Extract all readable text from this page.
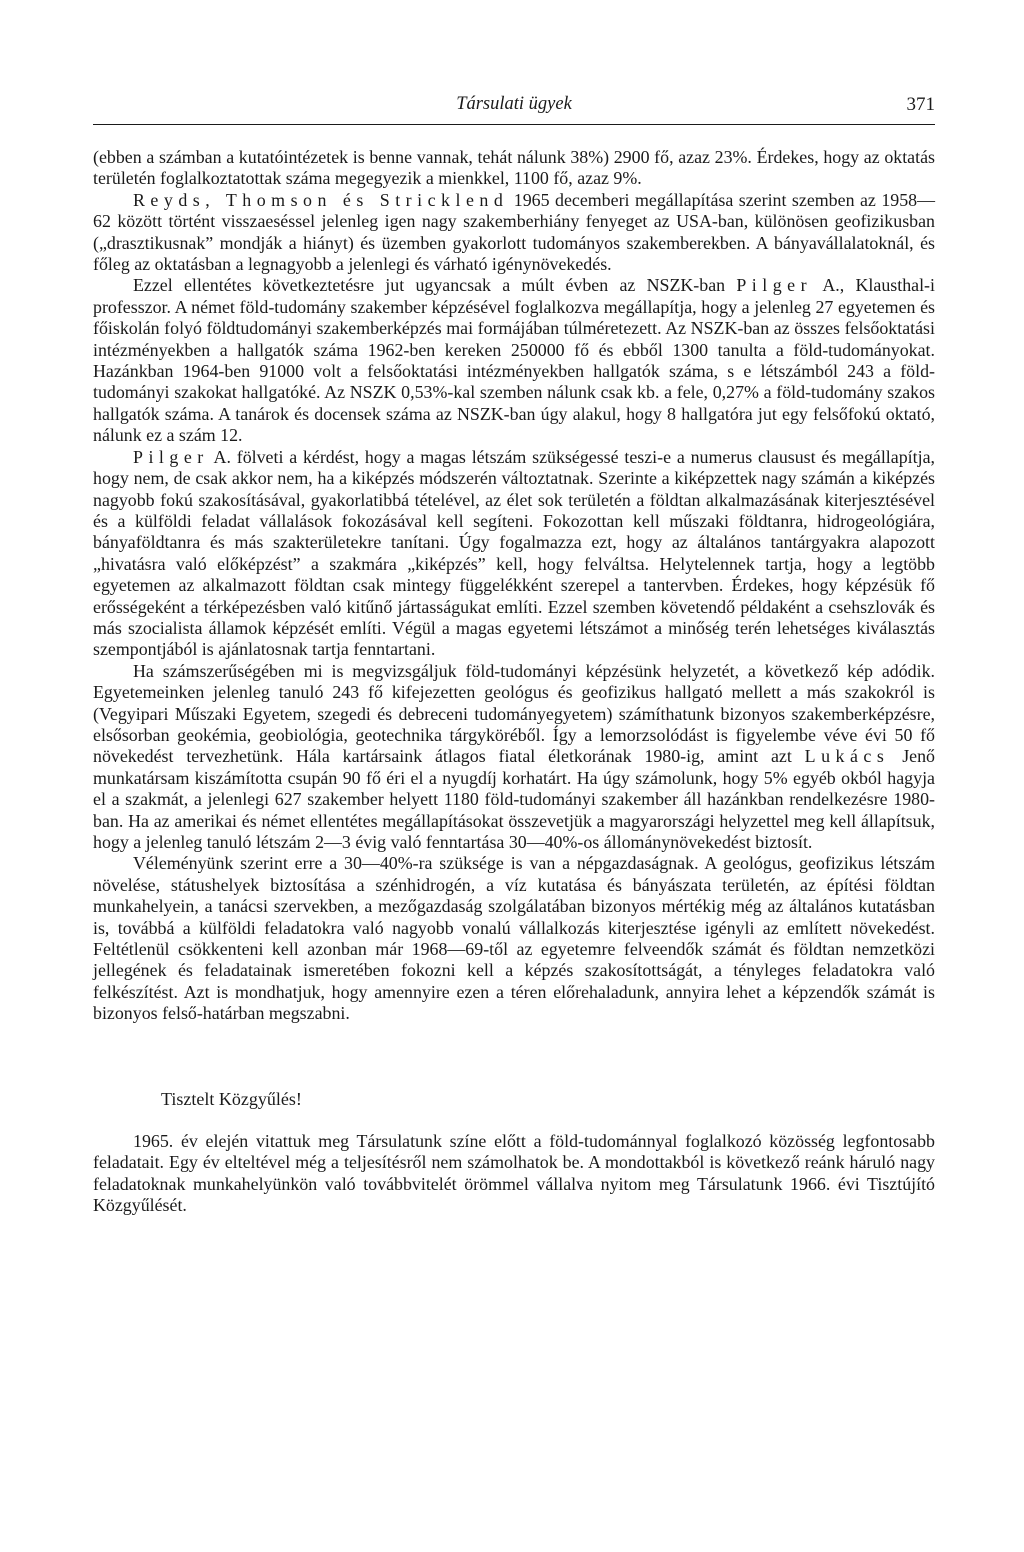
Társulati ügyek	371

(ebben a számban a kutatóintézetek is benne vannak, tehát nálunk 38%) 2900 fő, azaz 23%. Érdekes, hogy az oktatás területén foglalkoztatottak száma megegyezik a mienkkel, 1100 fő, azaz 9%.

Reyds, Thomson és Stricklend 1965 decemberi megállapítása szerint szemben az 1958—62 között történt visszaeséssel jelenleg igen nagy szakemberhiány fenyeget az USA-ban, különösen geofizikusban („drasztikusnak” mondják a hiányt) és üzemben gyakorlott tudományos szakemberekben. A bányavállalatoknál, és főleg az oktatásban a legnagyobb a jelenlegi és várható igénynövekedés.

Ezzel ellentétes következtetésre jut ugyancsak a múlt évben az NSZK-ban Pilger A., Klausthal-i professzor. A német föld-tudomány szakember képzésével foglalkozva megállapítja, hogy a jelenleg 27 egyetemen és főiskolán folyó földtudományi szakemberképzés mai formájában túlméretezett. Az NSZK-ban az összes felsőoktatási intézményekben a hallgatók száma 1962-ben kereken 250000 fő és ebből 1300 tanulta a föld-tudományokat. Hazánkban 1964-ben 91000 volt a felsőoktatási intézményekben hallgatók száma, s e létszámból 243 a föld-tudományi szakokat hallgatóké. Az NSZK 0,53%-kal szemben nálunk csak kb. a fele, 0,27% a föld-tudomány szakos hallgatók száma. A tanárok és docensek száma az NSZK-ban úgy alakul, hogy 8 hallgatóra jut egy felsőfokú oktató, nálunk ez a szám 12.

Pilger A. fölveti a kérdést, hogy a magas létszám szükségessé teszi-e a numerus clausust és megállapítja, hogy nem, de csak akkor nem, ha a kiképzés módszerén változtatnak. Szerinte a kiképzettek nagy számán a kiképzés nagyobb fokú szakosításával, gyakorlatibbá tételével, az élet sok területén a földtan alkalmazásának kiterjesztésével és a külföldi feladat vállalások fokozásával kell segíteni. Fokozottan kell műszaki földtanra, hidrogeológiára, bányaföldtanra és más szakterületekre tanítani. Úgy fogalmazza ezt, hogy az általános tantárgyakra alapozott „hivatásra való előképzést” a szakmára „kiképzés” kell, hogy felváltsa. Helytelennek tartja, hogy a legtöbb egyetemen az alkalmazott földtan csak mintegy függelékként szerepel a tantervben. Érdekes, hogy képzésük fő erősségeként a térképezésben való kitűnő jártasságukat említi. Ezzel szemben követendő példaként a csehszlovák és más szocialista államok képzését említi. Végül a magas egyetemi létszámot a minőség terén lehetséges kiválasztás szempontjából is ajánlatosnak tartja fenntartani.

Ha számszerűségében mi is megvizsgáljuk föld-tudományi képzésünk helyzetét, a következő kép adódik. Egyetemeinken jelenleg tanuló 243 fő kifejezetten geológus és geofizikus hallgató mellett a más szakokról is (Vegyipari Műszaki Egyetem, szegedi és debreceni tudományegyetem) számíthatunk bizonyos szakemberképzésre, elsősorban geokémia, geobiológia, geotechnika tárgyköréből. Így a lemorzsolódást is figyelembe véve évi 50 fő növekedést tervezhetünk. Hála kartársaink átlagos fiatal életkorának 1980-ig, amint azt Lukács Jenő munkatársam kiszámította csupán 90 fő éri el a nyugdíj korhatárt. Ha úgy számolunk, hogy 5% egyéb okból hagyja el a szakmát, a jelenlegi 627 szakember helyett 1180 föld-tudományi szakember áll hazánkban rendelkezésre 1980-ban. Ha az amerikai és német ellentétes megállapításokat összevetjük a magyarországi helyzettel meg kell állapítsuk, hogy a jelenleg tanuló létszám 2—3 évig való fenntartása 30—40%-os állománynövekedést biztosít.

Véleményünk szerint erre a 30—40%-ra szüksége is van a népgazdaságnak. A geológus, geofizikus létszám növelése, státushelyek biztosítása a szénhidrogén, a víz kutatása és bányászata területén, az építési földtan munkahelyein, a tanácsi szervekben, a mezőgazdaság szolgálatában bizonyos mértékig még az általános kutatásban is, továbbá a külföldi feladatokra való nagyobb vonalú vállalkozás kiterjesztése igényli az említett növekedést. Feltétlenül csökkenteni kell azonban már 1968—69-től az egyetemre felveendők számát és földtan nemzetközi jellegének és feladatainak ismeretében fokozni kell a képzés szakosítottságát, a tényleges feladatokra való felkészítést. Azt is mondhatjuk, hogy amennyire ezen a téren előrehaladunk, annyira lehet a képzendők számát is bizonyos felső-határban megszabni.

Tisztelt Közgyűlés!

1965. év elején vitattuk meg Társulatunk színe előtt a föld-tudománnyal foglalkozó közösség legfontosabb feladatait. Egy év elteltével még a teljesítésről nem számolhatok be. A mondottakból is következő reánk háruló nagy feladatoknak munkahelyünkön való továbbvitelét örömmel vállalva nyitom meg Társulatunk 1966. évi Tisztújító Közgyűlését.
